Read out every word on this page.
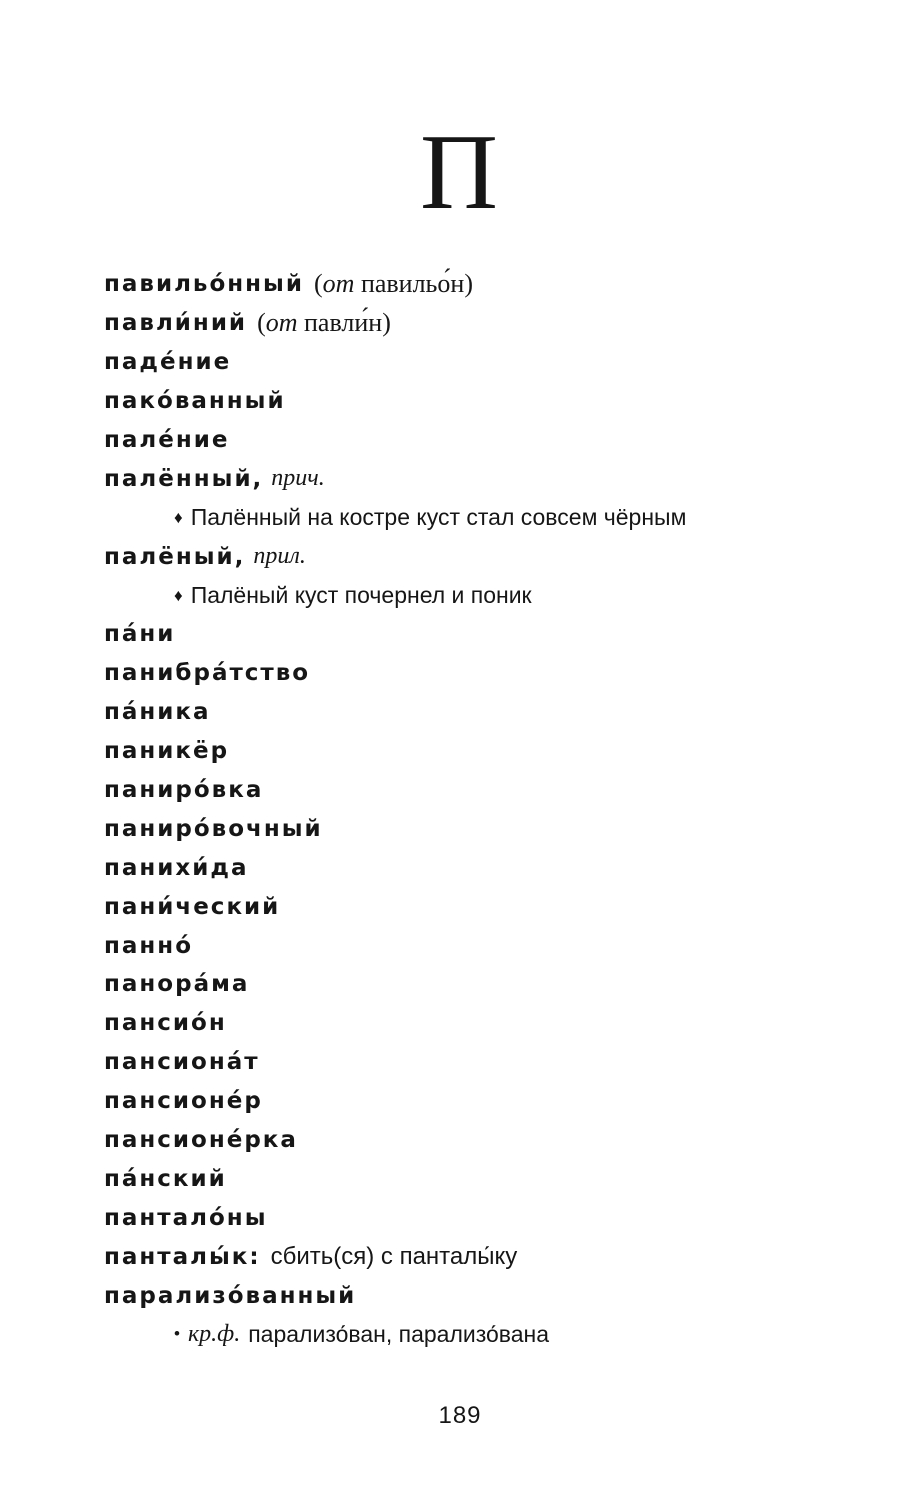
П
павильо́нный (от павильо́н)
павли́ний (от павли́н)
паде́ние
пако́ванный
пале́ние
палённый, прич.
♦ Палённый на костре куст стал совсем чёрным
палёный, прил.
♦ Палёный куст почернел и поник
па́ни
панибра́тство
па́ника
паникёр
паниро́вка
паниро́вочный
панихи́да
пани́ческий
панно́
панора́ма
пансио́н
пансиона́т
пансионе́р
пансионе́рка
па́нский
пантало́ны
панталы́к: сбить(ся) с панталы́ку
парализо́ванный
• кр.ф. парализо́ван, парализо́вана
189
